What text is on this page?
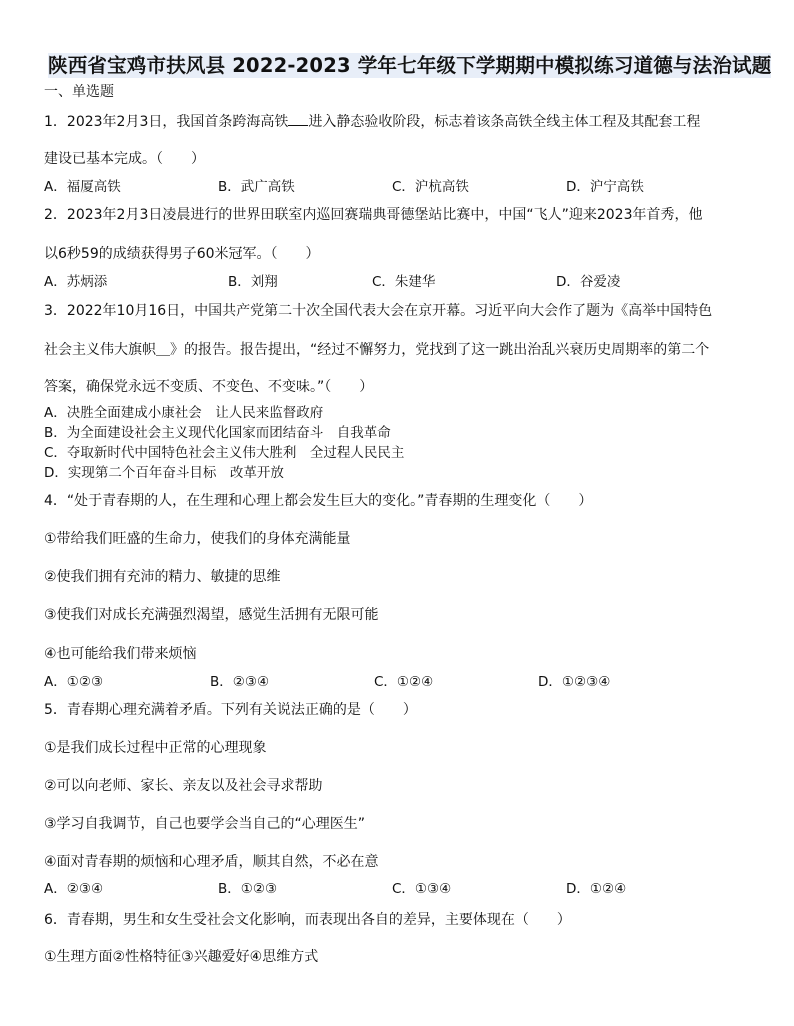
陕西省宝鸡市扶风县 2022-2023 学年七年级下学期期中模拟练习道德与法治试题
一、单选题
1．2023年2月3日，我国首条跨海高铁 进入静态验收阶段，标志着该条高铁全线主体工程及其配套工程
建设已基本完成。（　　）
A．福厦高铁	B．武广高铁	C．沪杭高铁	D．沪宁高铁
2．2023年2月3日凌晨进行的世界田联室内巡回赛瑞典哥德堡站比赛中，中国“飞人”迎来2023年首秀，他
以6秒59的成绩获得男子60米冠军。（　　）
A．苏炳添	B．刘翔	C．朱建华	D．谷爱凌
3．2022年10月16日，中国共产党第二十次全国代表大会在京开幕。习近平向大会作了题为《高举中国特色
社会主义伟大旗帜＿》的报告。报告提出，“经过不懈努力，党找到了这一跳出治乱兴衰历史周期率的第二个
答案，确保党永远不变质、不变色、不变味。”（　　）
A．决胜全面建成小康社会　让人民来监督政府
B．为全面建设社会主义现代化国家而团结奋斗　自我革命
C．夺取新时代中国特色社会主义伟大胜利　全过程人民民主
D．实现第二个百年奋斗目标　改革开放
4．“处于青春期的人，在生理和心理上都会发生巨大的变化。”青春期的生理变化（　　）
①带给我们旺盛的生命力，使我们的身体充满能量
②使我们拥有充沛的精力、敏捷的思维
③使我们对成长充满强烈渴望，感觉生活拥有无限可能
④也可能给我们带来烦恼
A．①②③	B．②③④	C．①②④	D．①②③④
5．青春期心理充满着矛盾。下列有关说法正确的是（　　）
①是我们成长过程中正常的心理现象
②可以向老师、家长、亲友以及社会寻求帮助
③学习自我调节，自己也要学会当自己的“心理医生”
④面对青春期的烦恼和心理矛盾，顺其自然，不必在意
A．②③④	B．①②③	C．①③④	D．①②④
6．青春期，男生和女生受社会文化影响，而表现出各自的差异，主要体现在（　　）
①生理方面②性格特征③兴趣爱好④思维方式
